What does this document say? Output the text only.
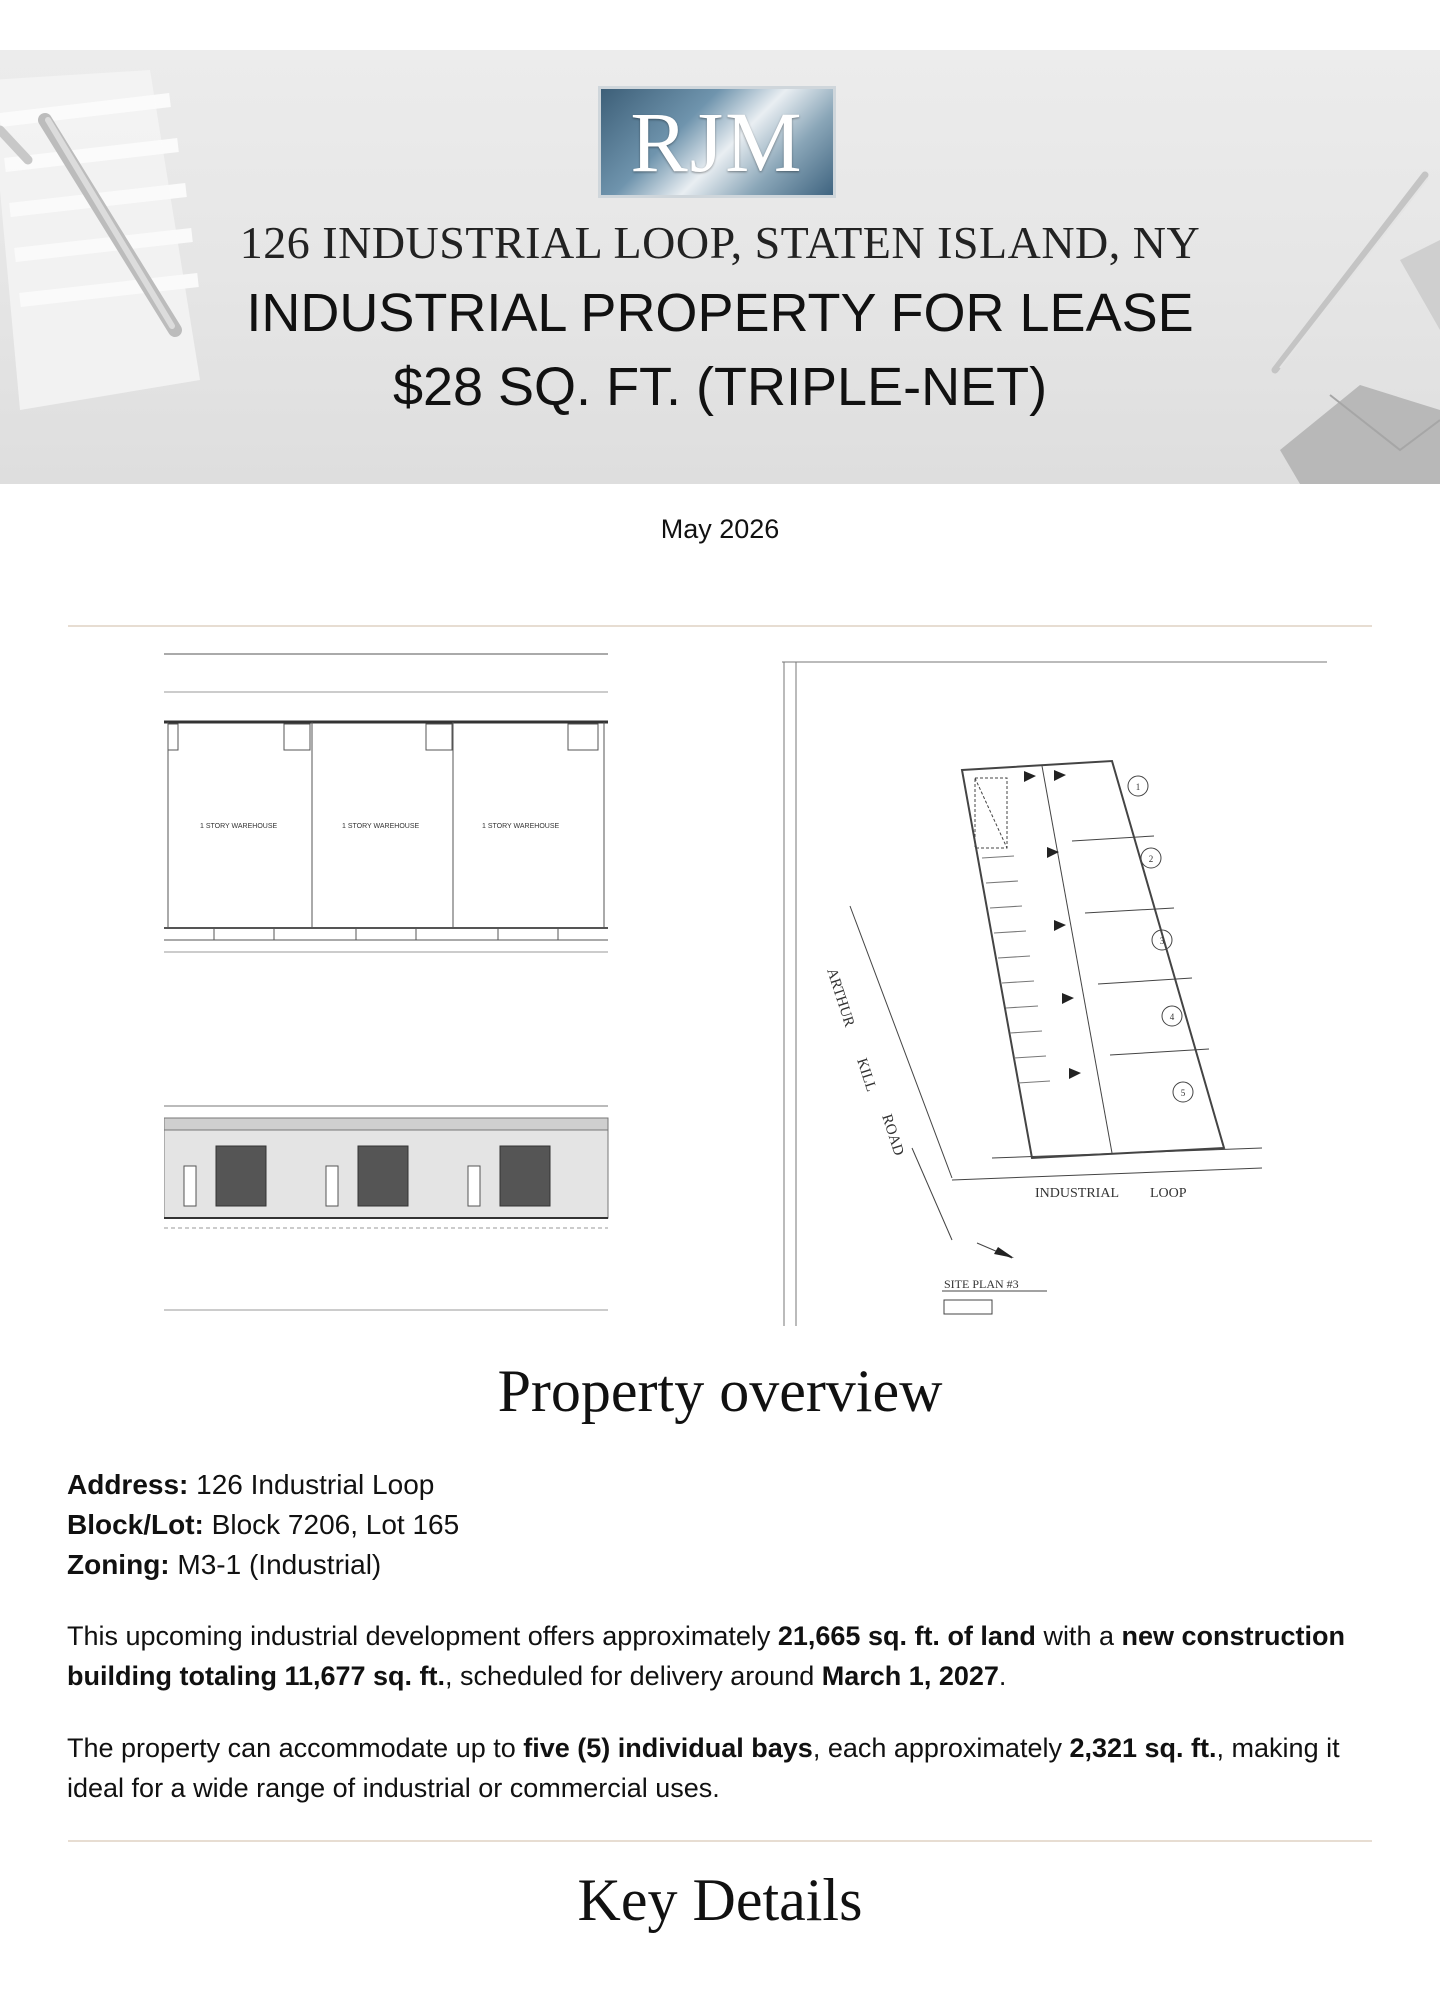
RJM
126 INDUSTRIAL LOOP, STATEN ISLAND, NY
INDUSTRIAL PROPERTY FOR LEASE
$28 SQ. FT. (TRIPLE-NET)
May 2026
1 STORY WAREHOUSE	1 STORY WAREHOUSE	1 STORY WAREHOUSE
1
2
3
4
5
ARTHUR
KILL
ROAD
INDUSTRIAL LOOP
SITE PLAN #3
Property overview
Address: 126 Industrial Loop
Block/Lot: Block 7206, Lot 165
Zoning: M3-1 (Industrial)
This upcoming industrial development offers approximately 21,665 sq. ft. of land with a new construction building totaling 11,677 sq. ft., scheduled for delivery around March 1, 2027.
The property can accommodate up to five (5) individual bays, each approximately 2,321 sq. ft., making it ideal for a wide range of industrial or commercial uses.
Key Details
